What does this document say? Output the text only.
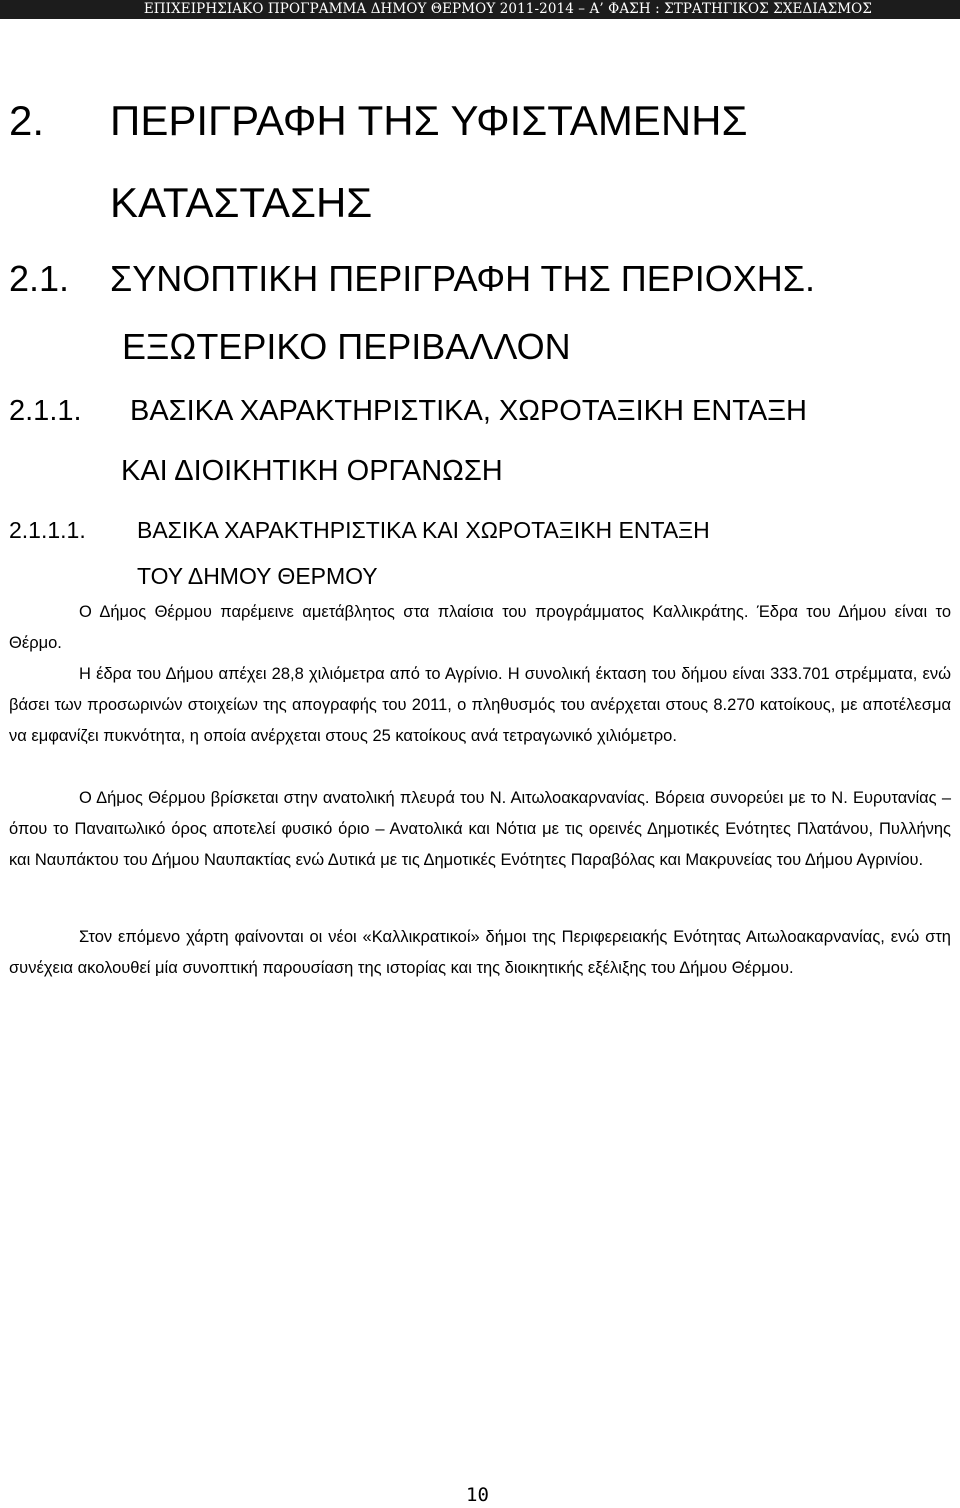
ΕΠΙΧΕΙΡΗΣΙΑΚΟ ΠΡΟΓΡΑΜΜΑ ΔΗΜΟΥ ΘΕΡΜΟΥ 2011-2014 – Α’ ΦΑΣΗ : ΣΤΡΑΤΗΓΙΚΟΣ ΣΧΕΔΙΑΣΜΟΣ
2. ΠΕΡΙΓΡΑΦΗ ΤΗΣ ΥΦΙΣΤΑΜΕΝΗΣ
ΚΑΤΑΣΤΑΣΗΣ
2.1. ΣΥΝΟΠΤΙΚΗ ΠΕΡΙΓΡΑΦΗ ΤΗΣ ΠΕΡΙΟΧΗΣ.
ΕΞΩΤΕΡΙΚΟ ΠΕΡΙΒΑΛΛΟΝ
2.1.1. ΒΑΣΙΚΑ ΧΑΡΑΚΤΗΡΙΣΤΙΚΑ, ΧΩΡΟΤΑΞΙΚΗ ΕΝΤΑΞΗ
ΚΑΙ ΔΙΟΙΚΗΤΙΚΗ ΟΡΓΑΝΩΣΗ
2.1.1.1. ΒΑΣΙΚΑ ΧΑΡΑΚΤΗΡΙΣΤΙΚΑ ΚΑΙ ΧΩΡΟΤΑΞΙΚΗ ΕΝΤΑΞΗ
ΤΟΥ ΔΗΜΟΥ ΘΕΡΜΟΥ

Ο Δήμος Θέρμου παρέμεινε αμετάβλητος στα πλαίσια του προγράμματος Καλλικράτης. Έδρα του Δήμου είναι το Θέρμο.

Η έδρα του Δήμου απέχει 28,8 χιλιόμετρα από το Αγρίνιο. Η συνολική έκταση του δήμου είναι 333.701 στρέμματα, ενώ βάσει των προσωρινών στοιχείων της απογραφής του 2011, ο πληθυσμός του ανέρχεται στους 8.270 κατοίκους, με αποτέλεσμα να εμφανίζει πυκνότητα, η οποία ανέρχεται στους 25 κατοίκους ανά τετραγωνικό χιλιόμετρο.

Ο Δήμος Θέρμου βρίσκεται στην ανατολική πλευρά του Ν. Αιτωλοακαρνανίας. Βόρεια συνορεύει με το Ν. Ευρυτανίας – όπου το Παναιτωλικό όρος αποτελεί φυσικό όριο – Ανατολικά και Νότια με τις ορεινές Δημοτικές Ενότητες Πλατάνου, Πυλλήνης και Ναυπάκτου του Δήμου Ναυπακτίας ενώ Δυτικά με τις Δημοτικές Ενότητες Παραβόλας και Μακρυνείας του Δήμου Αγρινίου.

Στον επόμενο χάρτη φαίνονται οι νέοι «Καλλικρατικοί» δήμοι της Περιφερειακής Ενότητας Αιτωλοακαρνανίας, ενώ στη συνέχεια ακολουθεί μία συνοπτική παρουσίαση της ιστορίας και της διοικητικής εξέλιξης του Δήμου Θέρμου.

10
